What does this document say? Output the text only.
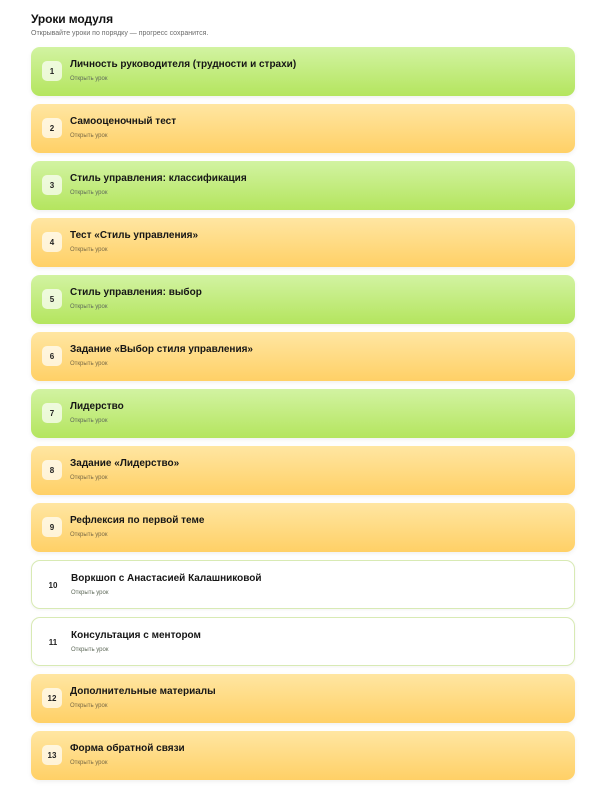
Уроки модуля

Открывайте уроки по порядку — прогресс сохранится.

1
Личность руководителя (трудности и страхи)
Открыть урок
2
Самооценочный тест
Открыть урок
3
Стиль управления: классификация
Открыть урок
4
Тест «Стиль управления»
Открыть урок
5
Стиль управления: выбор
Открыть урок
6
Задание «Выбор стиля управления»
Открыть урок
7
Лидерство
Открыть урок
8
Задание «Лидерство»
Открыть урок
9
Рефлексия по первой теме
Открыть урок
10
Воркшоп с Анастасией Калашниковой
Открыть урок
11
Консультация с ментором
Открыть урок
12
Дополнительные материалы
Открыть урок
13
Форма обратной связи
Открыть урок
